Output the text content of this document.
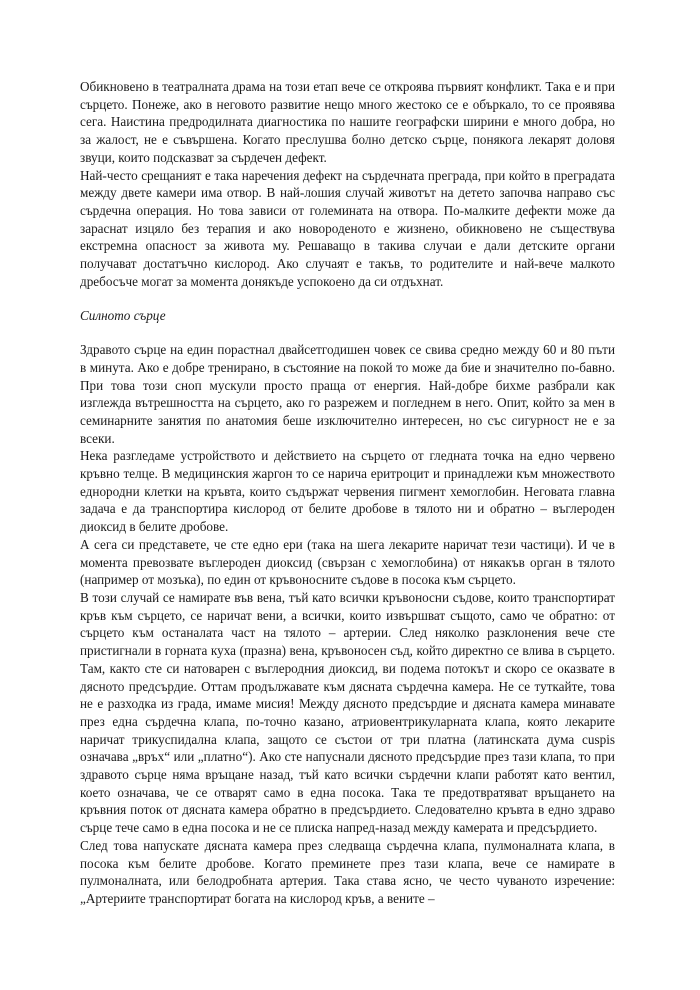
Обикновено в театралната драма на този етап вече се откроява първият конфликт. Така е и при сърцето. Понеже, ако в неговото развитие нещо много жестоко се е объркало, то се проявява сега. Наистина предродилната диагностика по нашите географски ширини е много добра, но за жалост, не е съвършена. Когато преслушва болно детско сърце, понякога лекарят доловя звуци, които подсказват за сърдечен дефект.

Най-често срещаният е така наречения дефект на сърдечната преграда, при който в преградата между двете камери има отвор. В най-лошия случай животът на детето започва направо със сърдечна операция. Но това зависи от големината на отвора. По-малките дефекти може да зараснат изцяло без терапия и ако новороденото е жизнено, обикновено не съществува екстремна опасност за живота му. Решаващо в такива случаи е дали детските органи получават достатъчно кислород. Ако случаят е такъв, то родителите и най-вече малкото дребосъче могат за момента донякъде успокоено да си отдъхнат.

Силното сърце

Здравото сърце на един порастнал двайсетгодишен човек се свива средно между 60 и 80 пъти в минута. Ако е добре тренирано, в състояние на покой то може да бие и значително по-бавно. При това този сноп мускули просто праща от енергия. Най-добре бихме разбрали как изглежда вътрешността на сърцето, ако го разрежем и погледнем в него. Опит, който за мен в семинарните занятия по анатомия беше изключително интересен, но със сигурност не е за всеки.

Нека разгледаме устройството и действието на сърцето от гледната точка на едно червено кръвно телце. В медицинския жаргон то се нарича еритроцит и принадлежи към множеството еднородни клетки на кръвта, които съдържат червения пигмент хемоглобин. Неговата главна задача е да транспортира кислород от белите дробове в тялото ни и обратно – въглероден диоксид в белите дробове.

А сега си представете, че сте едно ери (така на шега лекарите наричат тези частици). И че в момента превозвате въглероден диоксид (свързан с хемоглобина) от някакъв орган в тялото (например от мозъка), по един от кръвоносните съдове в посока към сърцето.

В този случай се намирате във вена, тъй като всички кръвоносни съдове, които транспортират кръв към сърцето, се наричат вени, а всички, които извършват същото, само че обратно: от сърцето към останалата част на тялото – артерии. След няколко разклонения вече сте пристигнали в горната куха (празна) вена, кръвоносен съд, който директно се влива в сърцето. Там, както сте си натоварен с въглеродния диоксид, ви подема потокът и скоро се оказвате в дясното предсърдие. Оттам продължавате към дясната сърдечна камера. Не се туткайте, това не е разходка из града, имаме мисия! Между дясното предсърдие и дясната камера минавате през една сърдечна клапа, по-точно казано, атриовентрикуларната клапа, която лекарите наричат трикуспидална клапа, защото се състои от три платна (латинската дума cuspis означава „връх“ или „платно“). Ако сте напуснали дясното предсърдие през тази клапа, то при здравото сърце няма връщане назад, тъй като всички сърдечни клапи работят като вентил, което означава, че се отварят само в една посока. Така те предотвратяват връщането на кръвния поток от дясната камера обратно в предсърдието. Следователно кръвта в едно здраво сърце тече само в една посока и не се плиска напред-назад между камерата и предсърдието.

След това напускате дясната камера през следваща сърдечна клапа, пулмоналната клапа, в посока към белите дробове. Когато преминете през тази клапа, вече се намирате в пулмоналната, или белодробната артерия. Така става ясно, че често чуваното изречение: „Артериите транспортират богата на кислород кръв, а вените –
